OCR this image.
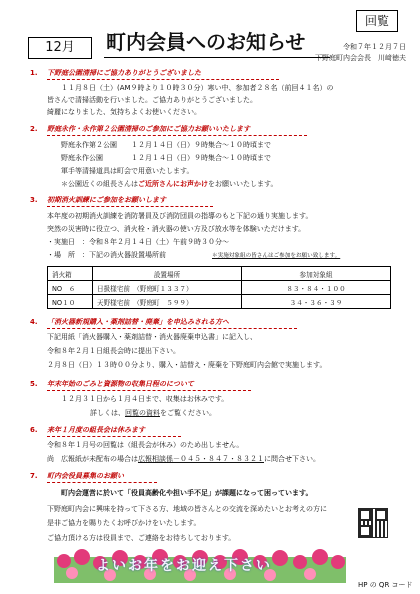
回覧
12月	町内会員へのお知らせ	令和７年１２月７日
下野庭町内会会長　川﨑徳夫
1. 下野庭公園清掃にご協力ありがとうございました
１１月８日（土）(AM９時より１０時３０分）寒い中、参加者２８名（前回４１名）の
皆さんで清掃活動を行いました。ご協力ありがとうございました。
綺麗になりました、気持ちよくお使いください。
2. 野庭永作・永作第２公園清掃のご参加にご協力お願いいたします
野庭永作第２公園　　１２月１４日（日）９時集合～１０時頃まで
野庭永作公園　　　　１２月１４日（日）９時集合～１０時頃まで
軍手等清掃道具は町会で用意いたします。
＊公園近くの組長さんはご近所さんにお声かけをお願いいたします。
3. 初期消火訓練にご参加をお願いします
本年度の初期消火訓練を消防署員及び消防団員の指導のもと下記の通り実施します。
突然の災害時に役立つ、消火栓・消火器の使い方及び放水等を体験いただけます。
・実施日　：令和８年２月１４日（土）午前９時３０分～
・場　所　：下記の消火器設置場所前	＊実施対象組の皆さんはご参加をお願い致します。
消火箱	設置場所	参加対象組
NO　６	日扱様宅前　（野庭町１３３７）	８３・８４・１００
NO１０	天野様宅前　（野庭町　５９９）	３４・３６・３９
4. 「消火器新規購入・薬剤詰替・廃棄」を申込みされる方へ
下記用紙「消火器購入・薬剤詰替・消火器廃棄申込書」に記入し、
令和８年２月１日組長会時に提出下さい。
２月８日（日）１３時００分より、購入・詰替え・廃棄を下野庭町内会館で実施します。
5. 年末年始のごみと資源物の収集日程のについて
１２月３１日から１月４日まで、収集はお休みです。
詳しくは、回覧の資料をご覧ください。
6. 来年１月度の組長会は休みます
令和８年１月号の回覧は（組長会が休み）のため出しません。
尚　広報紙が未配布の場合は広報相談係－０４５・８４７・８３２１に問合せ下さい。
7. 町内会役員募集のお願い
町内会運営に於いて「役員高齢化や担い手不足」が課題になって困っています。
下野庭町内会に興味を持って下さる方、地域の皆さんとの交流を深めたいとお考えの方に
是非ご協力を賜りたくお呼びかけをいたします。
ご協力頂ける方は役員まで、ご連絡をお待ちしております。
HP の QR コード
よいお年をお迎え下さい
